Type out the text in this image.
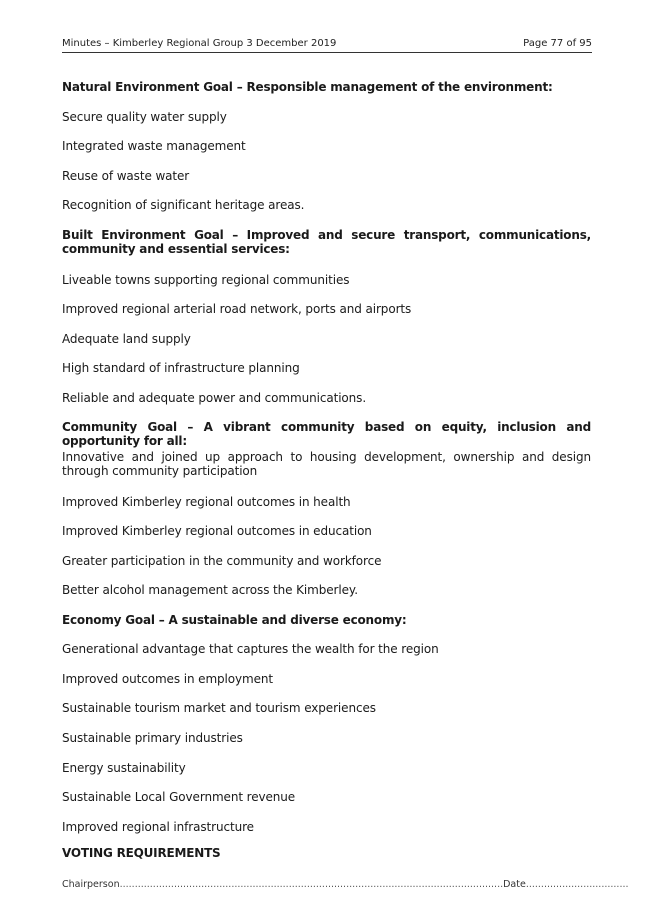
Minutes – Kimberley Regional Group 3 December 2019	Page 77 of 95

Natural Environment Goal – Responsible management of the environment:

Secure quality water supply

Integrated waste management

Reuse of waste water

Recognition of significant heritage areas.

Built Environment Goal – Improved and secure transport, communications, community and essential services:

Liveable towns supporting regional communities

Improved regional arterial road network, ports and airports

Adequate land supply

High standard of infrastructure planning

Reliable and adequate power and communications.

Community Goal – A vibrant community based on equity, inclusion and opportunity for all:

Innovative and joined up approach to housing development, ownership and design through community participation

Improved Kimberley regional outcomes in health

Improved Kimberley regional outcomes in education

Greater participation in the community and workforce

Better alcohol management across the Kimberley.

Economy Goal – A sustainable and diverse economy:

Generational advantage that captures the wealth for the region

Improved outcomes in employment

Sustainable tourism market and tourism experiences

Sustainable primary industries

Energy sustainability

Sustainable Local Government revenue

Improved regional infrastructure

VOTING REQUIREMENTS

Chairperson...............................................................................................................................Date..................................
